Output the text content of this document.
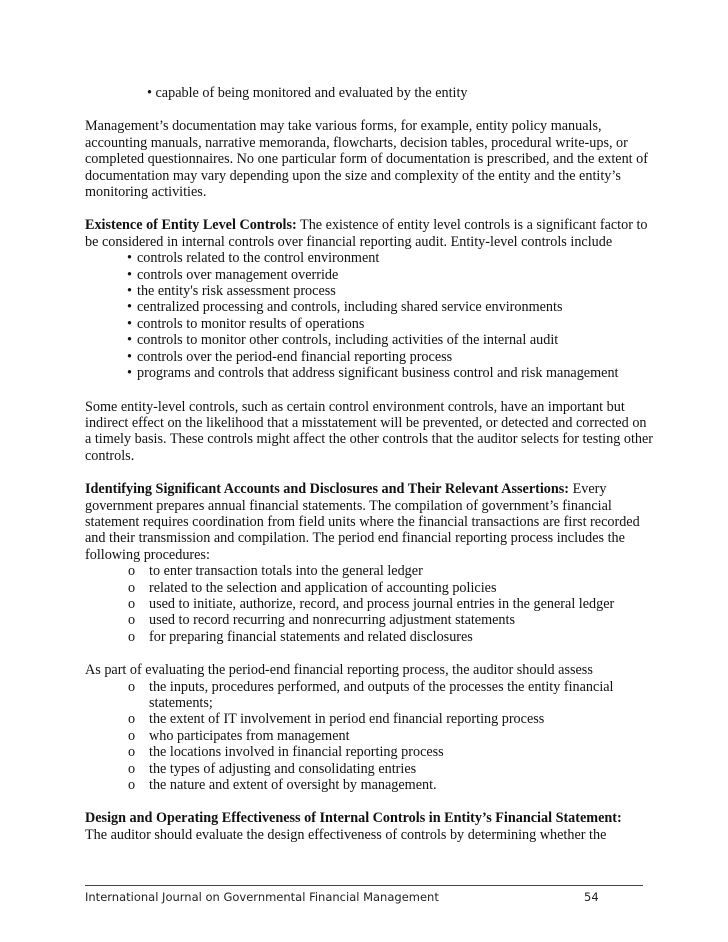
• capable of being monitored and evaluated by the entity

Management’s documentation may take various forms, for example, entity policy manuals, accounting manuals, narrative memoranda, flowcharts, decision tables, procedural write-ups, or completed questionnaires. No one particular form of documentation is prescribed, and the extent of documentation may vary depending upon the size and complexity of the entity and the entity’s monitoring activities.

Existence of Entity Level Controls: The existence of entity level controls is a significant factor to be considered in internal controls over financial reporting audit. Entity-level controls include

• controls related to the control environment

• controls over management override

• the entity's risk assessment process

• centralized processing and controls, including shared service environments

• controls to monitor results of operations

• controls to monitor other controls, including activities of the internal audit

• controls over the period-end financial reporting process

• programs and controls that address significant business control and risk management

Some entity-level controls, such as certain control environment controls, have an important but indirect effect on the likelihood that a misstatement will be prevented, or detected and corrected on a timely basis. These controls might affect the other controls that the auditor selects for testing other controls.

Identifying Significant Accounts and Disclosures and Their Relevant Assertions: Every government prepares annual financial statements. The compilation of government’s financial statement requires coordination from field units where the financial transactions are first recorded and their transmission and compilation. The period end financial reporting process includes the following procedures:

o to enter transaction totals into the general ledger
o related to the selection and application of accounting policies
o used to initiate, authorize, record, and process journal entries in the general ledger
o used to record recurring and nonrecurring adjustment statements
o for preparing financial statements and related disclosures

As part of evaluating the period-end financial reporting process, the auditor should assess

o the inputs, procedures performed, and outputs of the processes the entity financial statements;
o the extent of IT involvement in period end financial reporting process
o who participates from management
o the locations involved in financial reporting process
o the types of adjusting and consolidating entries
o the nature and extent of oversight by management.

Design and Operating Effectiveness of Internal Controls in Entity’s Financial Statement:

The auditor should evaluate the design effectiveness of controls by determining whether the

International Journal on Governmental Financial Management	54
